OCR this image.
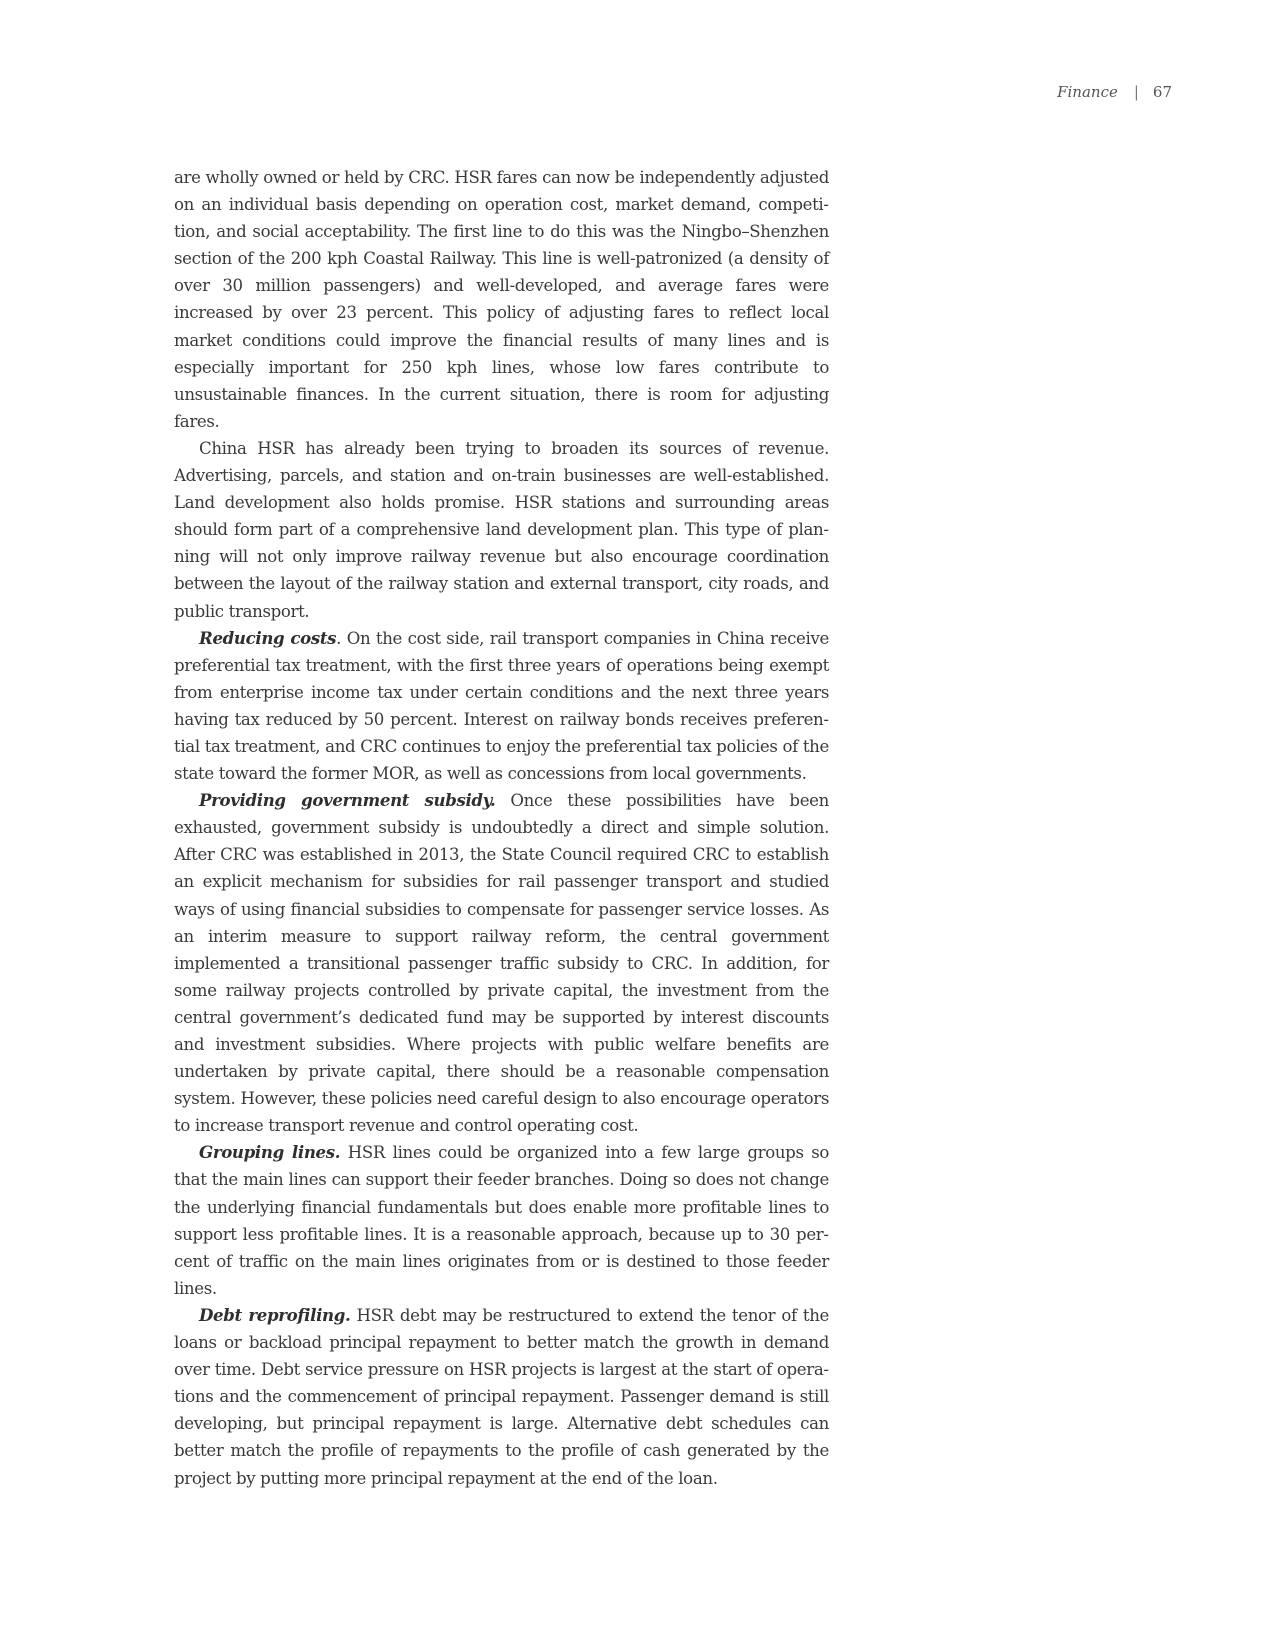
Finance | 67

are wholly owned or held by CRC. HSR fares can now be independently adjusted on an individual basis depending on operation cost, market demand, competition, and social acceptability. The first line to do this was the Ningbo–Shenzhen section of the 200 kph Coastal Railway. This line is well-patronized (a density of over 30 million passengers) and well-developed, and average fares were increased by over 23 percent. This policy of adjusting fares to reflect local market conditions could improve the financial results of many lines and is especially important for 250 kph lines, whose low fares contribute to unsustainable finances. In the current situation, there is room for adjusting fares.

China HSR has already been trying to broaden its sources of revenue. Advertising, parcels, and station and on-train businesses are well-established. Land development also holds promise. HSR stations and surrounding areas should form part of a comprehensive land development plan. This type of planning will not only improve railway revenue but also encourage coordination between the layout of the railway station and external transport, city roads, and public transport.

Reducing costs. On the cost side, rail transport companies in China receive preferential tax treatment, with the first three years of operations being exempt from enterprise income tax under certain conditions and the next three years having tax reduced by 50 percent. Interest on railway bonds receives preferential tax treatment, and CRC continues to enjoy the preferential tax policies of the state toward the former MOR, as well as concessions from local governments.

Providing government subsidy. Once these possibilities have been exhausted, government subsidy is undoubtedly a direct and simple solution. After CRC was established in 2013, the State Council required CRC to establish an explicit mechanism for subsidies for rail passenger transport and studied ways of using financial subsidies to compensate for passenger service losses. As an interim measure to support railway reform, the central government implemented a transitional passenger traffic subsidy to CRC. In addition, for some railway projects controlled by private capital, the investment from the central government’s dedicated fund may be supported by interest discounts and investment subsidies. Where projects with public welfare benefits are undertaken by private capital, there should be a reasonable compensation system. However, these policies need careful design to also encourage operators to increase transport revenue and control operating cost.

Grouping lines. HSR lines could be organized into a few large groups so that the main lines can support their feeder branches. Doing so does not change the underlying financial fundamentals but does enable more profitable lines to support less profitable lines. It is a reasonable approach, because up to 30 percent of traffic on the main lines originates from or is destined to those feeder lines.

Debt reprofiling. HSR debt may be restructured to extend the tenor of the loans or backload principal repayment to better match the growth in demand over time. Debt service pressure on HSR projects is largest at the start of operations and the commencement of principal repayment. Passenger demand is still developing, but principal repayment is large. Alternative debt schedules can better match the profile of repayments to the profile of cash generated by the project by putting more principal repayment at the end of the loan.
